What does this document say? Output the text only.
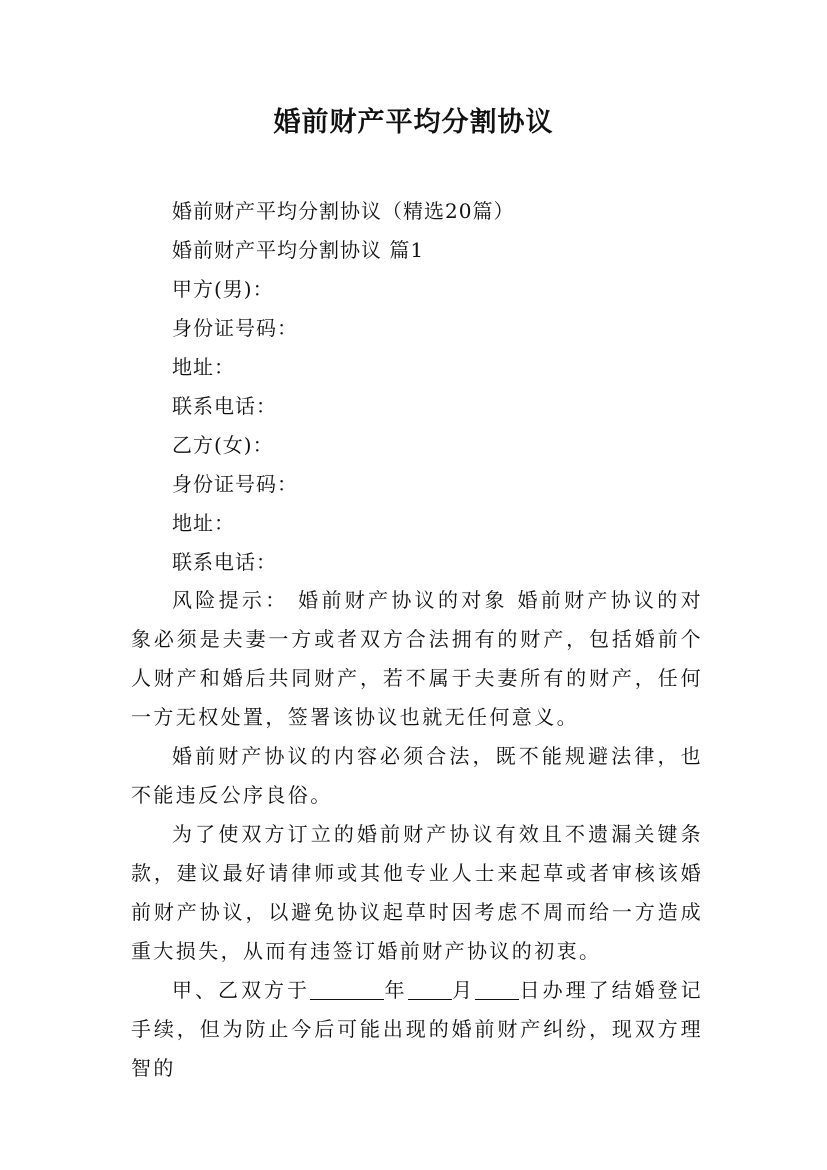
婚前财产平均分割协议
婚前财产平均分割协议（精选20篇）
婚前财产平均分割协议 篇1
甲方(男)：
身份证号码：
地址：
联系电话：
乙方(女)：
身份证号码：
地址：
联系电话：

风险提示： 婚前财产协议的对象 婚前财产协议的对象必须是夫妻一方或者双方合法拥有的财产，包括婚前个人财产和婚后共同财产，若不属于夫妻所有的财产，任何一方无权处置，签署该协议也就无任何意义。

婚前财产协议的内容必须合法，既不能规避法律，也不能违反公序良俗。

为了使双方订立的婚前财产协议有效且不遗漏关键条款，建议最好请律师或其他专业人士来起草或者审核该婚前财产协议，以避免协议起草时因考虑不周而给一方造成重大损失，从而有违签订婚前财产协议的初衷。

甲、乙双方于	年 月 日办理了结婚登记手续，但为防止今后可能出现的婚前财产纠纷，现双方理智的
